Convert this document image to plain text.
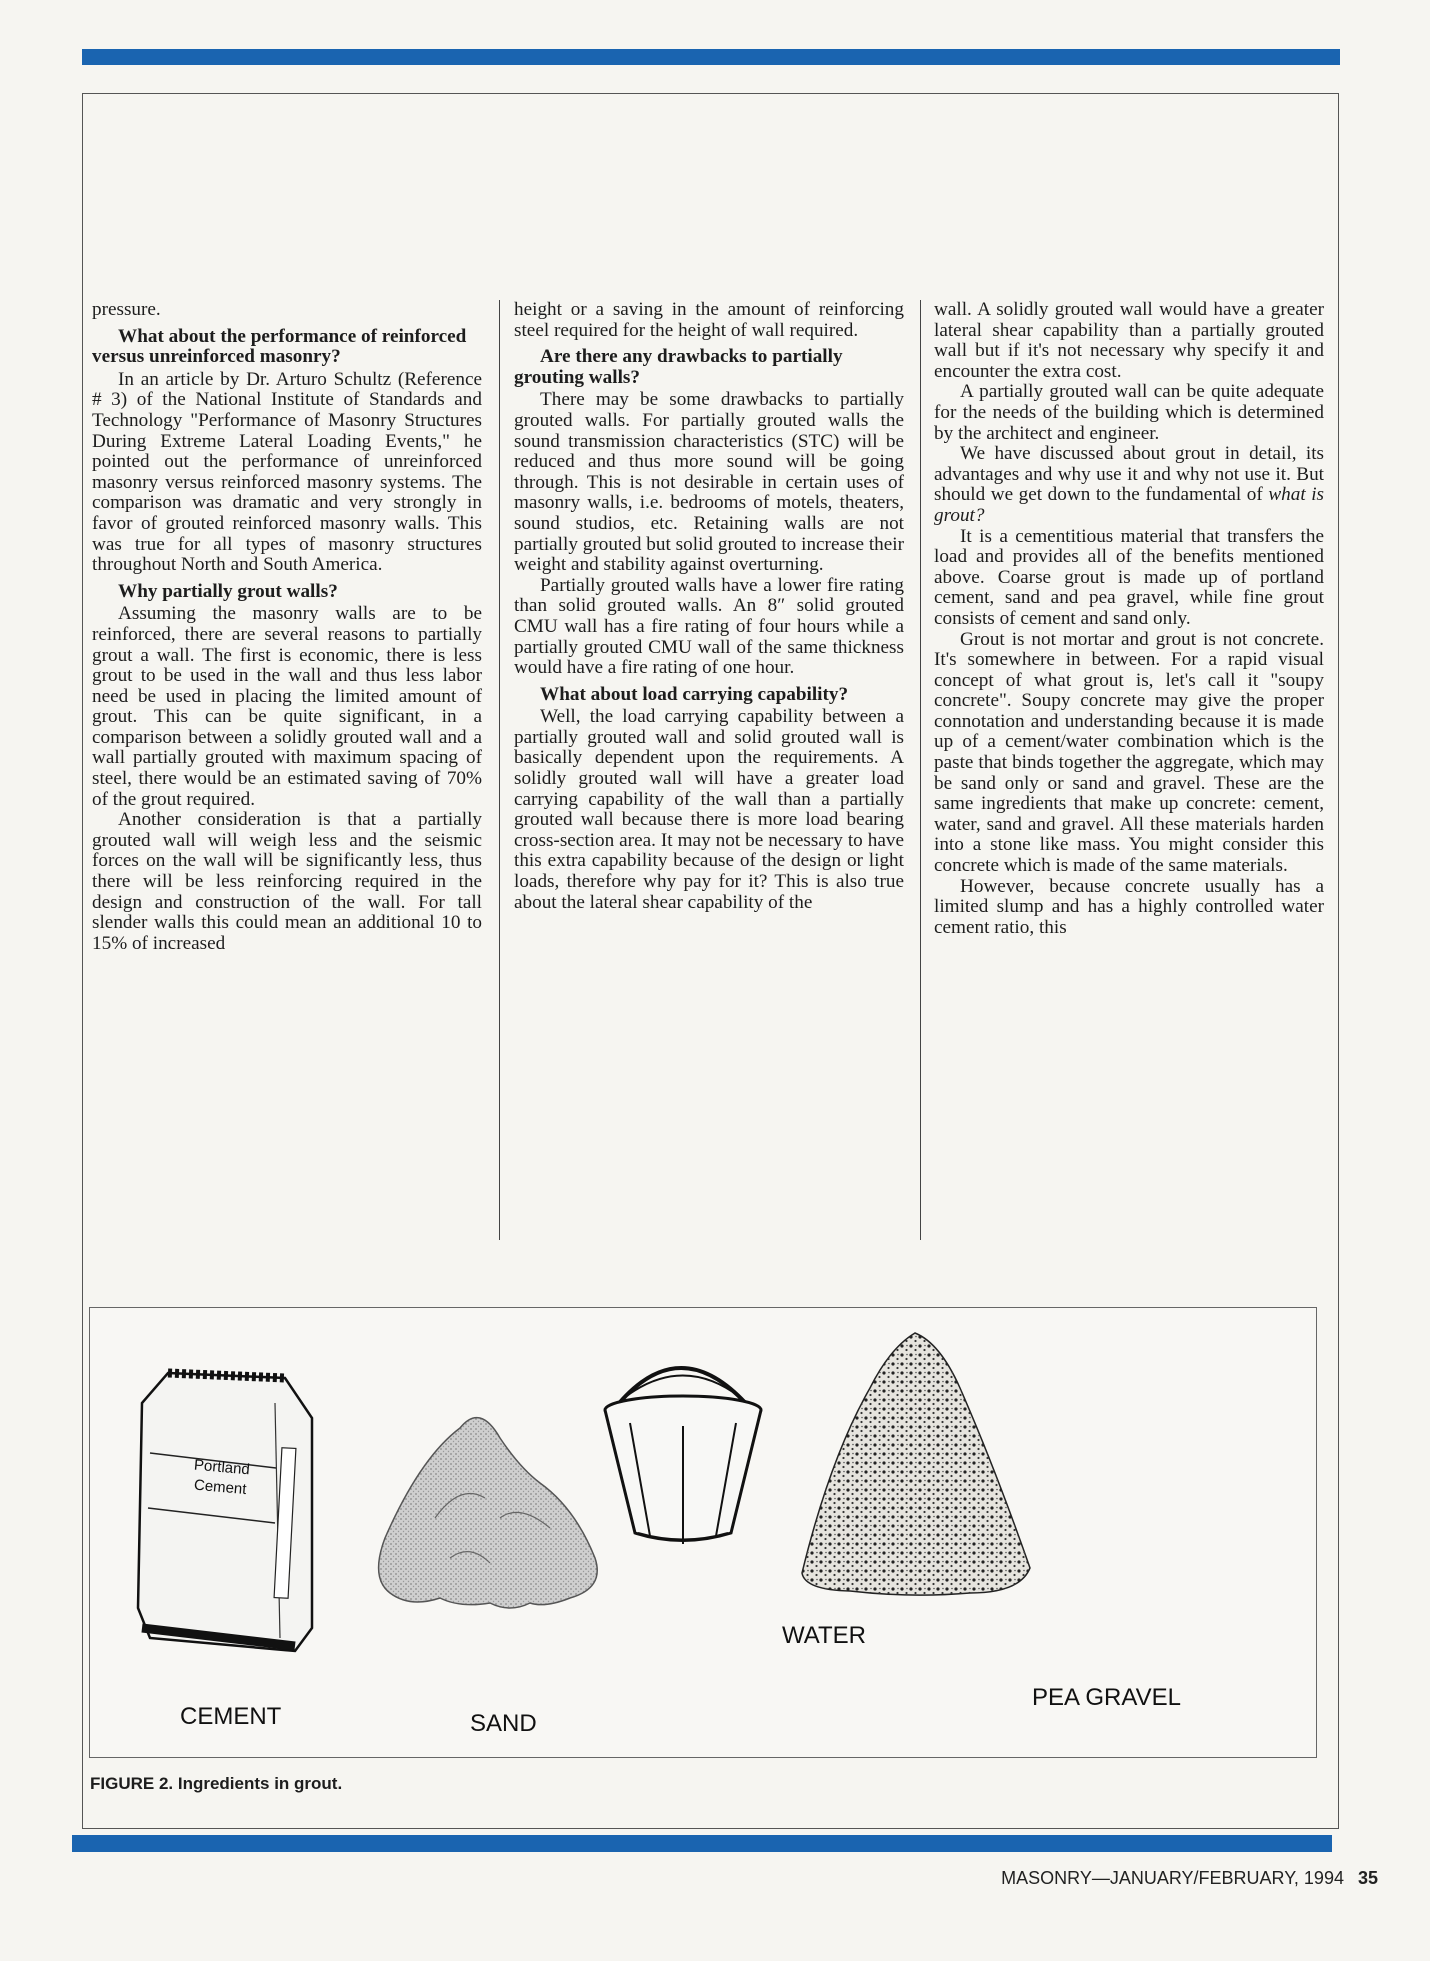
pressure.

What about the performance of reinforced versus unreinforced masonry?

In an article by Dr. Arturo Schultz (Reference # 3) of the National Institute of Standards and Technology "Performance of Masonry Structures During Extreme Lateral Loading Events," he pointed out the performance of unreinforced masonry versus reinforced masonry systems. The comparison was dramatic and very strongly in favor of grouted reinforced masonry walls. This was true for all types of masonry structures throughout North and South America.

Why partially grout walls?

Assuming the masonry walls are to be reinforced, there are several reasons to partially grout a wall. The first is economic, there is less grout to be used in the wall and thus less labor need be used in placing the limited amount of grout. This can be quite significant, in a comparison between a solidly grouted wall and a wall partially grouted with maximum spacing of steel, there would be an estimated saving of 70% of the grout required.

Another consideration is that a partially grouted wall will weigh less and the seismic forces on the wall will be significantly less, thus there will be less reinforcing required in the design and construction of the wall. For tall slender walls this could mean an additional 10 to 15% of increased

height or a saving in the amount of reinforcing steel required for the height of wall required.

Are there any drawbacks to partially grouting walls?

There may be some drawbacks to partially grouted walls. For partially grouted walls the sound transmission characteristics (STC) will be reduced and thus more sound will be going through. This is not desirable in certain uses of masonry walls, i.e. bedrooms of motels, theaters, sound studios, etc. Retaining walls are not partially grouted but solid grouted to increase their weight and stability against overturning.

Partially grouted walls have a lower fire rating than solid grouted walls. An 8″ solid grouted CMU wall has a fire rating of four hours while a partially grouted CMU wall of the same thickness would have a fire rating of one hour.

What about load carrying capability?

Well, the load carrying capability between a partially grouted wall and solid grouted wall is basically dependent upon the requirements. A solidly grouted wall will have a greater load carrying capability of the wall than a partially grouted wall because there is more load bearing cross-section area. It may not be necessary to have this extra capability because of the design or light loads, therefore why pay for it? This is also true about the lateral shear capability of the

wall. A solidly grouted wall would have a greater lateral shear capability than a partially grouted wall but if it's not necessary why specify it and encounter the extra cost.

A partially grouted wall can be quite adequate for the needs of the building which is determined by the architect and engineer.

We have discussed about grout in detail, its advantages and why use it and why not use it. But should we get down to the fundamental of what is grout?

It is a cementitious material that transfers the load and provides all of the benefits mentioned above. Coarse grout is made up of portland cement, sand and pea gravel, while fine grout consists of cement and sand only.

Grout is not mortar and grout is not concrete. It's somewhere in between. For a rapid visual concept of what grout is, let's call it "soupy concrete". Soupy concrete may give the proper connotation and understanding because it is made up of a cement/water combination which is the paste that binds together the aggregate, which may be sand only or sand and gravel. These are the same ingredients that make up concrete: cement, water, sand and gravel. All these materials harden into a stone like mass. You might consider this concrete which is made of the same materials.

However, because concrete usually has a limited slump and has a highly controlled water cement ratio, this

Portland
Cement
CEMENT	SAND
WATER
PEA GRAVEL
FIGURE 2. Ingredients in grout.
MASONRY—JANUARY/FEBRUARY, 1994 35
